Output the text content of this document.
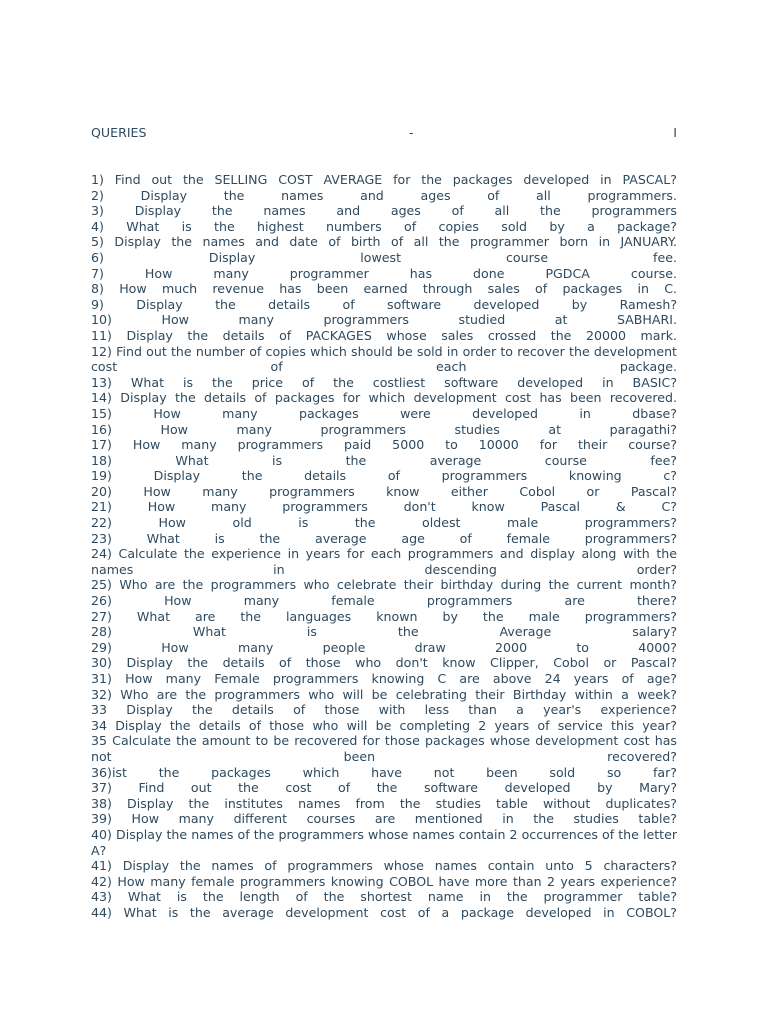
QUERIES	-	I
1) Find out the SELLING COST AVERAGE for the packages developed in PASCAL?
2) Display the names and ages of all programmers.
3) Display the names and ages of all the programmers
4) What is the highest numbers of copies sold by a package?
5) Display the names and date of birth of all the programmer born in JANUARY.
6) Display lowest course fee.
7) How many programmer has done PGDCA course.
8) How much revenue has been earned through sales of packages in C.
9) Display the details of software developed by Ramesh?
10) How many programmers studied at SABHARI.
11) Display the details of PACKAGES whose sales crossed the 20000 mark.
12) Find out the number of copies which should be sold in order to recover the development
cost of each package.
13) What is the price of the costliest software developed in BASIC?
14) Display the details of packages for which development cost has been recovered.
15) How many packages were developed in dbase?
16) How many programmers studies at paragathi?
17) How many programmers paid 5000 to 10000 for their course?
18) What is the average course fee?
19) Display the details of programmers knowing c?
20) How many programmers know either Cobol or Pascal?
21) How many programmers don't know Pascal & C?
22) How old is the oldest male programmers?
23) What is the average age of female programmers?
24) Calculate the experience in years for each programmers and display along with the
names in descending order?
25) Who are the programmers who celebrate their birthday during the current month?
26) How many female programmers are there?
27) What are the languages known by the male programmers?
28) What is the Average salary?
29) How many people draw 2000 to 4000?
30) Display the details of those who don't know Clipper, Cobol or Pascal?
31) How many Female programmers knowing C are above 24 years of age?
32) Who are the programmers who will be celebrating their Birthday within a week?
33 Display the details of those with less than a year's experience?
34 Display the details of those who will be completing 2 years of service this year?
35 Calculate the amount to be recovered for those packages whose development cost has
not been recovered?
36)ist the packages which have not been sold so far?
37) Find out the cost of the software developed by Mary?
38) Display the institutes names from the studies table without duplicates?
39) How many different courses are mentioned in the studies table?
40) Display the names of the programmers whose names contain 2 occurrences of the letter
A?
41) Display the names of programmers whose names contain unto 5 characters?
42) How many female programmers knowing COBOL have more than 2 years experience?
43) What is the length of the shortest name in the programmer table?
44) What is the average development cost of a package developed in COBOL?
